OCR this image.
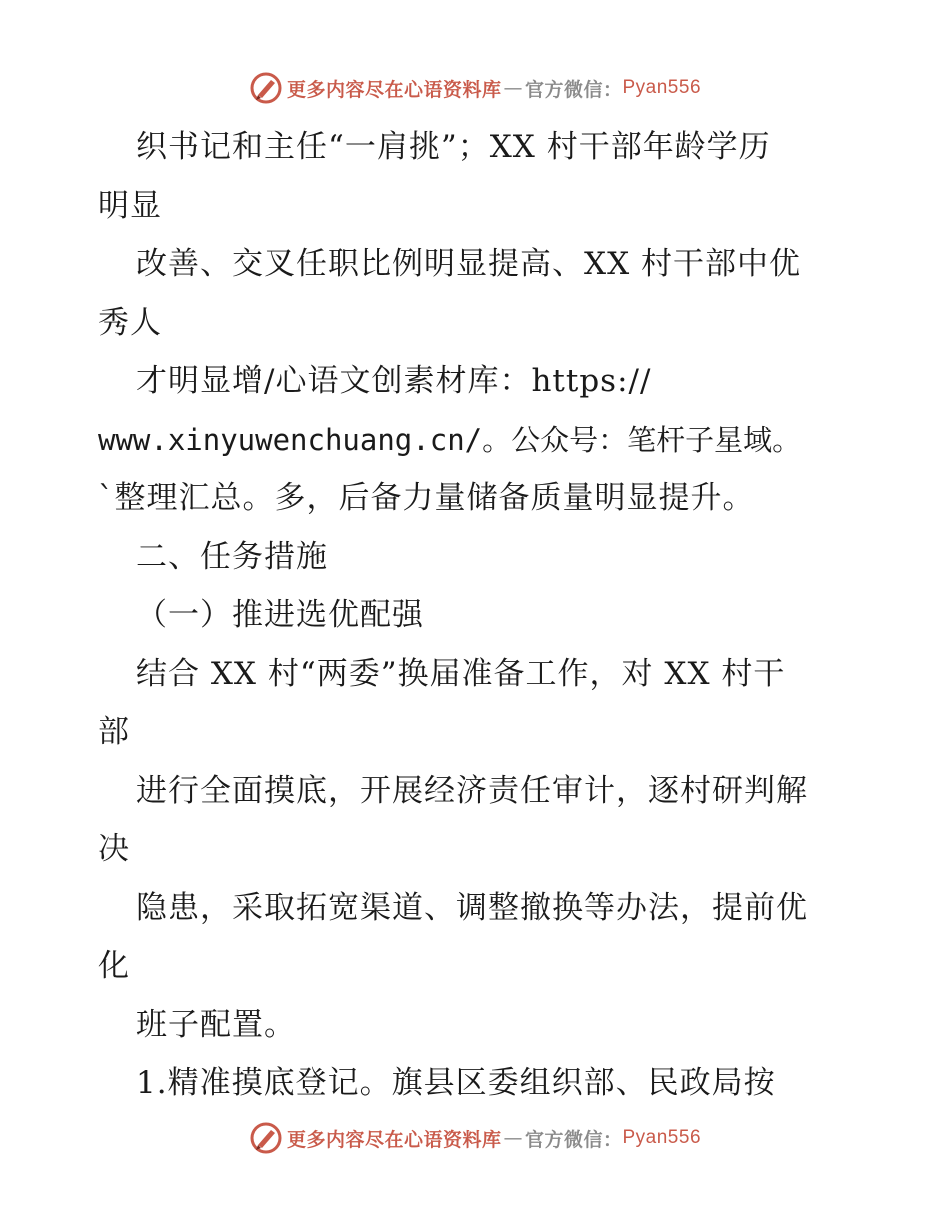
更多内容尽在心语资料库 — 官方微信： Pyan556
织书记和主任“一肩挑”；XX 村干部年龄学历
明显
改善、交叉任职比例明显提高、XX 村干部中优
秀人
才明显增/心语文创素材库：https://
www.xinyuwenchuang.cn/。公众号：笔杆子星域。
`整理汇总。多，后备力量储备质量明显提升。
二、任务措施
（一）推进选优配强
结合 XX 村“两委”换届准备工作，对 XX 村干
部
进行全面摸底，开展经济责任审计，逐村研判解
决
隐患，采取拓宽渠道、调整撤换等办法，提前优
化
班子配置。
1.精准摸底登记。旗县区委组织部、民政局按
更多内容尽在心语资料库 — 官方微信： Pyan556
